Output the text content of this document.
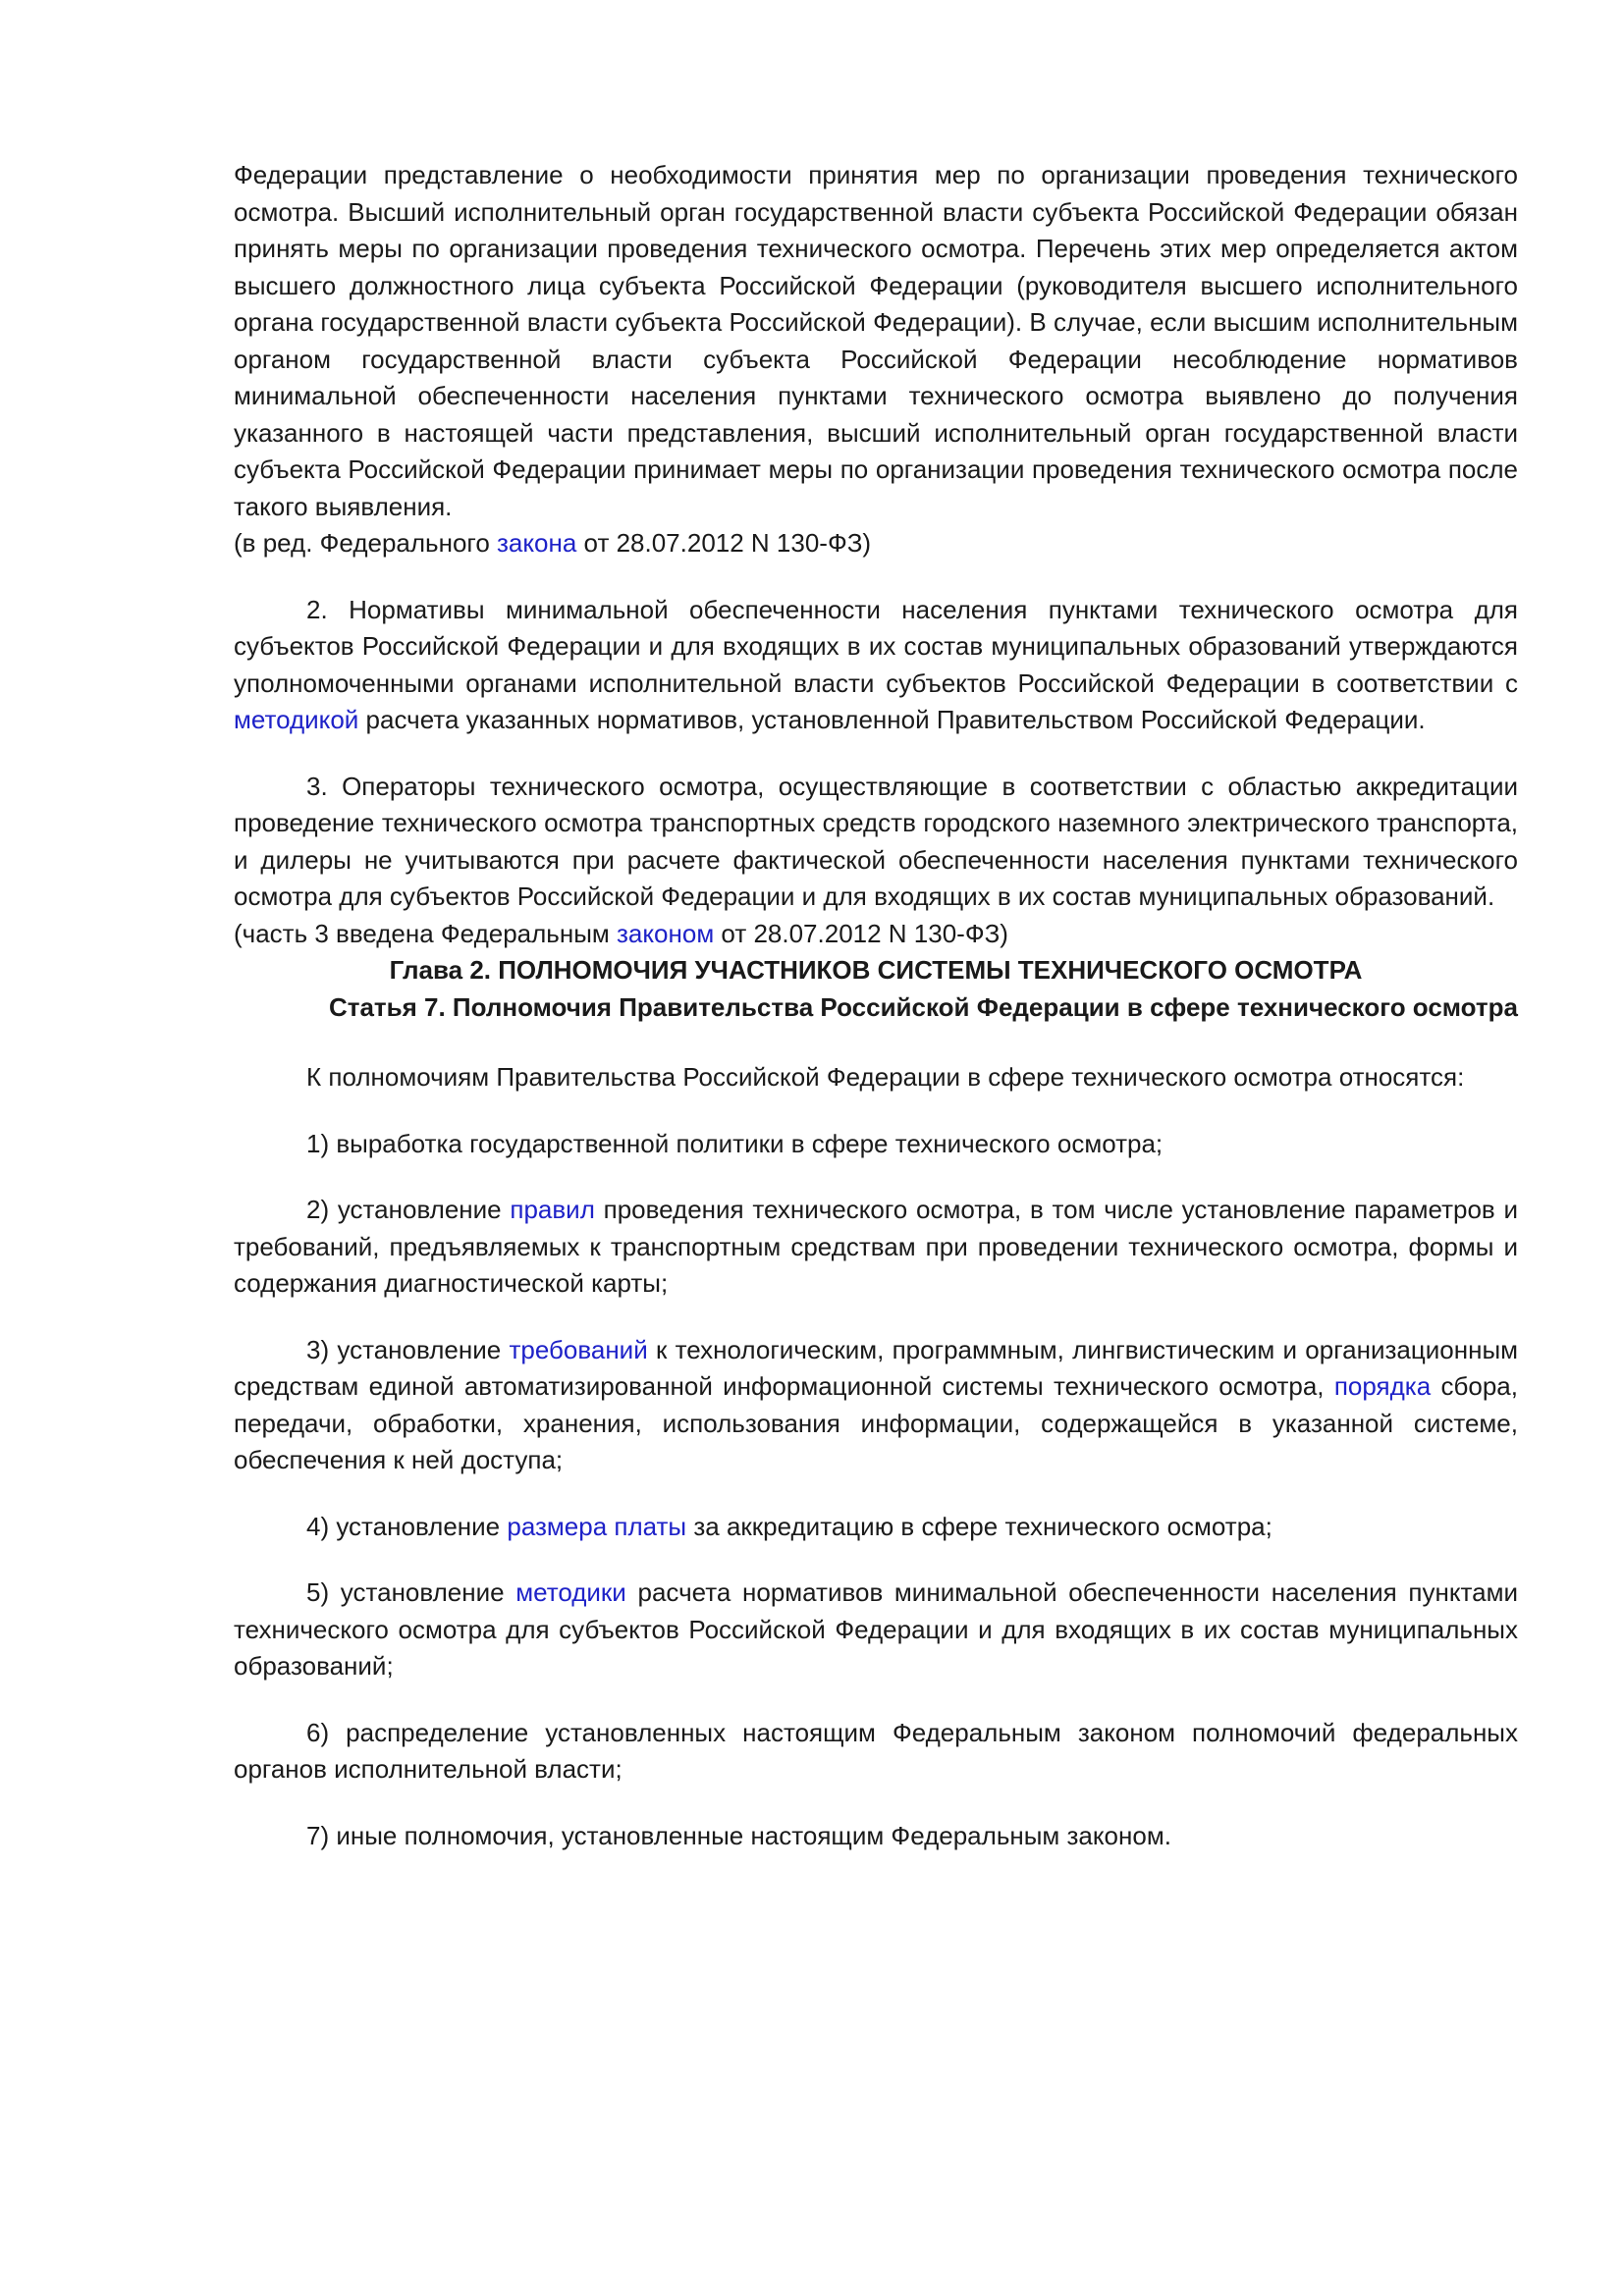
Федерации представление о необходимости принятия мер по организации проведения технического осмотра. Высший исполнительный орган государственной власти субъекта Российской Федерации обязан принять меры по организации проведения технического осмотра. Перечень этих мер определяется актом высшего должностного лица субъекта Российской Федерации (руководителя высшего исполнительного органа государственной власти субъекта Российской Федерации). В случае, если высшим исполнительным органом государственной власти субъекта Российской Федерации несоблюдение нормативов минимальной обеспеченности населения пунктами технического осмотра выявлено до получения указанного в настоящей части представления, высший исполнительный орган государственной власти субъекта Российской Федерации принимает меры по организации проведения технического осмотра после такого выявления.

(в ред. Федерального закона от 28.07.2012 N 130-ФЗ)

2. Нормативы минимальной обеспеченности населения пунктами технического осмотра для субъектов Российской Федерации и для входящих в их состав муниципальных образований утверждаются уполномоченными органами исполнительной власти субъектов Российской Федерации в соответствии с методикой расчета указанных нормативов, установленной Правительством Российской Федерации.

3. Операторы технического осмотра, осуществляющие в соответствии с областью аккредитации проведение технического осмотра транспортных средств городского наземного электрического транспорта, и дилеры не учитываются при расчете фактической обеспеченности населения пунктами технического осмотра для субъектов Российской Федерации и для входящих в их состав муниципальных образований.

(часть 3 введена Федеральным законом от 28.07.2012 N 130-ФЗ)

Глава 2. ПОЛНОМОЧИЯ УЧАСТНИКОВ СИСТЕМЫ ТЕХНИЧЕСКОГО ОСМОТРА

Статья 7. Полномочия Правительства Российской Федерации в сфере технического осмотра

К полномочиям Правительства Российской Федерации в сфере технического осмотра относятся:

1) выработка государственной политики в сфере технического осмотра;

2) установление правил проведения технического осмотра, в том числе установление параметров и требований, предъявляемых к транспортным средствам при проведении технического осмотра, формы и содержания диагностической карты;

3) установление требований к технологическим, программным, лингвистическим и организационным средствам единой автоматизированной информационной системы технического осмотра, порядка сбора, передачи, обработки, хранения, использования информации, содержащейся в указанной системе, обеспечения к ней доступа;

4) установление размера платы за аккредитацию в сфере технического осмотра;

5) установление методики расчета нормативов минимальной обеспеченности населения пунктами технического осмотра для субъектов Российской Федерации и для входящих в их состав муниципальных образований;

6) распределение установленных настоящим Федеральным законом полномочий федеральных органов исполнительной власти;

7) иные полномочия, установленные настоящим Федеральным законом.
